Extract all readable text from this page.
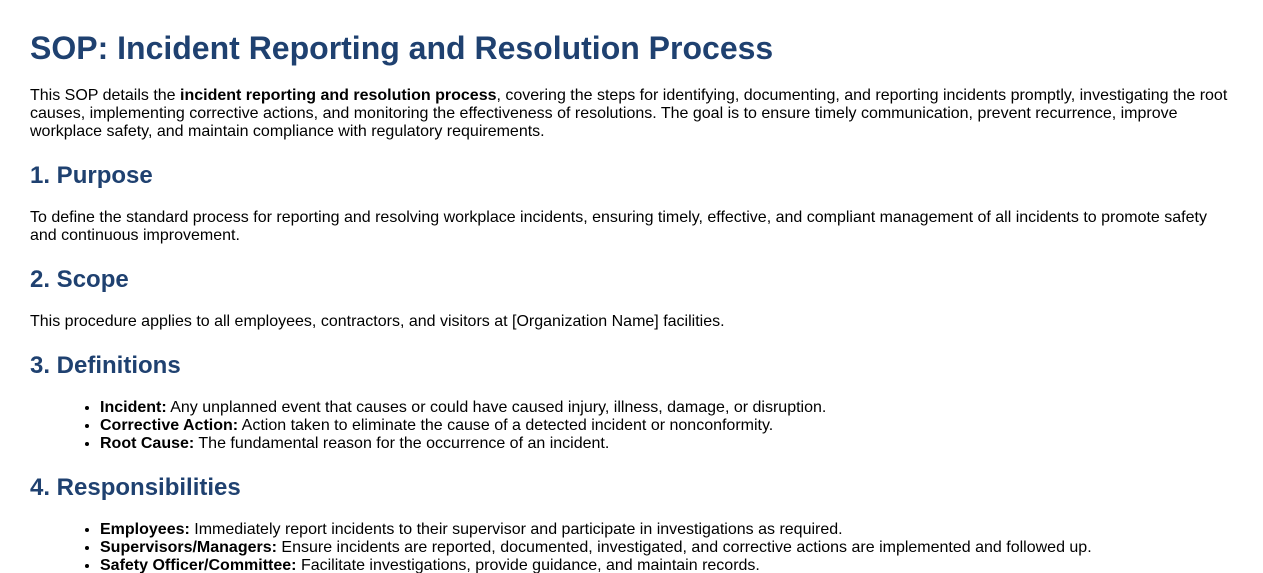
SOP: Incident Reporting and Resolution Process

This SOP details the incident reporting and resolution process, covering the steps for identifying, documenting, and reporting incidents promptly, investigating the root causes, implementing corrective actions, and monitoring the effectiveness of resolutions. The goal is to ensure timely communication, prevent recurrence, improve workplace safety, and maintain compliance with regulatory requirements.

1. Purpose

To define the standard process for reporting and resolving workplace incidents, ensuring timely, effective, and compliant management of all incidents to promote safety and continuous improvement.

2. Scope

This procedure applies to all employees, contractors, and visitors at [Organization Name] facilities.

3. Definitions
• Incident: Any unplanned event that causes or could have caused injury, illness, damage, or disruption.
• Corrective Action: Action taken to eliminate the cause of a detected incident or nonconformity.
• Root Cause: The fundamental reason for the occurrence of an incident.
4. Responsibilities
• Employees: Immediately report incidents to their supervisor and participate in investigations as required.
• Supervisors/Managers: Ensure incidents are reported, documented, investigated, and corrective actions are implemented and followed up.
• Safety Officer/Committee: Facilitate investigations, provide guidance, and maintain records.
